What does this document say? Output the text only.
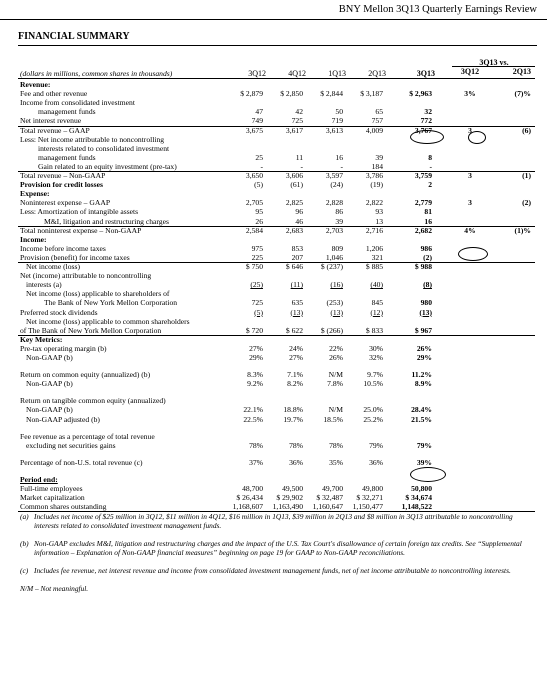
BNY Mellon 3Q13 Quarterly Earnings Review
FINANCIAL SUMMARY
3Q13 vs.
3Q12	4Q12	1Q13	2Q13	3Q13	3Q12	2Q13
(dollars in millions, common shares in thousands)
Revenue:
Fee and other revenue	$ 2,879	$ 2,850	$ 2,844	$ 3,187	$ 2,963	3%	(7)%
Income from consolidated investment
management funds	47	42	50	65	32
Net interest revenue	749	725	719	757	772
Total revenue – GAAP	3,675	3,617	3,613	4,009	3,767	3	(6)
Less: Net income attributable to noncontrolling
interests related to consolidated investment
management funds	25	11	16	39	8
Gain related to an equity investment (pre-tax)	-	-	-	184	-
Total revenue – Non-GAAP	3,650	3,606	3,597	3,786	3,759	3	(1)
Provision for credit losses	(5)	(61)	(24)	(19)	2
Expense:
Noninterest expense – GAAP	2,705	2,825	2,828	2,822	2,779	3	(2)
Less: Amortization of intangible assets	95	96	86	93	81
M&I, litigation and restructuring charges	26	46	39	13	16
Total noninterest expense – Non-GAAP	2,584	2,683	2,703	2,716	2,682	4%	(1)%
Income:
Income before income taxes	975	853	809	1,206	986
Provision (benefit) for income taxes	225	207	1,046	321	(2)
Net income (loss)	$ 750	$ 646	$ (237)	$ 885	$ 988
Net (income) attributable to noncontrolling
interests (a)	(25)	(11)	(16)	(40)	(8)
Net income (loss) applicable to shareholders of
The Bank of New York Mellon Corporation	725	635	(253)	845	980
Preferred stock dividends	(5)	(13)	(13)	(12)	(13)
Net income (loss) applicable to common shareholders
of The Bank of New York Mellon Corporation	$ 720	$ 622	$ (266)	$ 833	$ 967
Key Metrics:
Pre-tax operating margin (b)	27%	24%	22%	30%	26%
Non-GAAP (b)	29%	27%	26%	32%	29%
Return on common equity (annualized) (b)	8.3%	7.1%	N/M	9.7%	11.2%
Non-GAAP (b)	9.2%	8.2%	7.8%	10.5%	8.9%
Return on tangible common equity (annualized)
Non-GAAP (b)	22.1%	18.8%	N/M	25.0%	28.4%
Non-GAAP adjusted (b)	22.5%	19.7%	18.5%	25.2%	21.5%
Fee revenue as a percentage of total revenue
excluding net securities gains	78%	78%	78%	79%	79%
Percentage of non-U.S. total revenue (c)	37%	36%	35%	36%	39%
Period end:
Full-time employees	48,700	49,500	49,700	49,800	50,800
Market capitalization	$ 26,434	$ 29,902	$ 32,487	$ 32,271	$ 34,674
Common shares outstanding	1,168,607	1,163,490	1,160,647	1,150,477	1,148,522
(a) Includes net income of $25 million in 3Q12, $11 million in 4Q12, $16 million in 1Q13, $39 million in 2Q13 and $8 million in 3Q13 attributable to noncontrolling interests related to consolidated investment management funds.
(b) Non-GAAP excludes M&I, litigation and restructuring charges and the impact of the U.S. Tax Court's disallowance of certain foreign tax credits. See “Supplemental information – Explanation of Non-GAAP financial measures” beginning on page 19 for GAAP to Non-GAAP reconciliations.
(c) Includes fee revenue, net interest revenue and income from consolidated investment management funds, net of net income attributable to noncontrolling interests.
N/M – Not meaningful.
